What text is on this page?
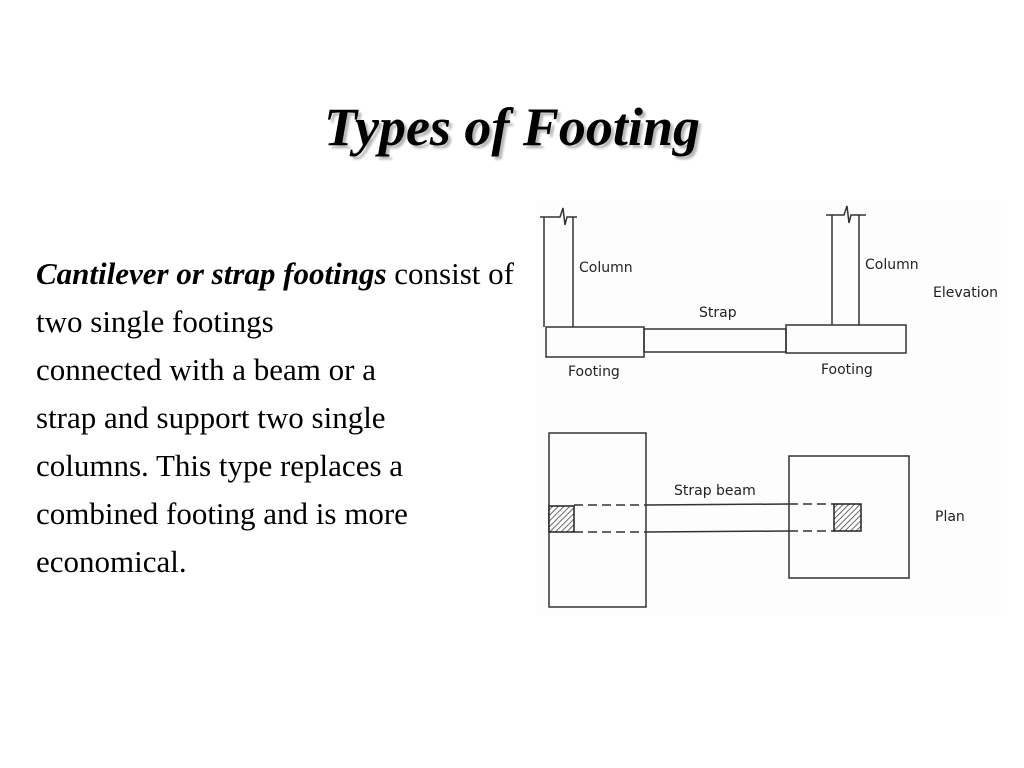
Types of Footing

Cantilever or strap footings consist of two single footings
connected with a beam or a
strap and support two single
columns. This type replaces a
combined footing and is more
economical.

Column	Column
Strap
Footing	Footing
Elevation
Strap beam
Plan
